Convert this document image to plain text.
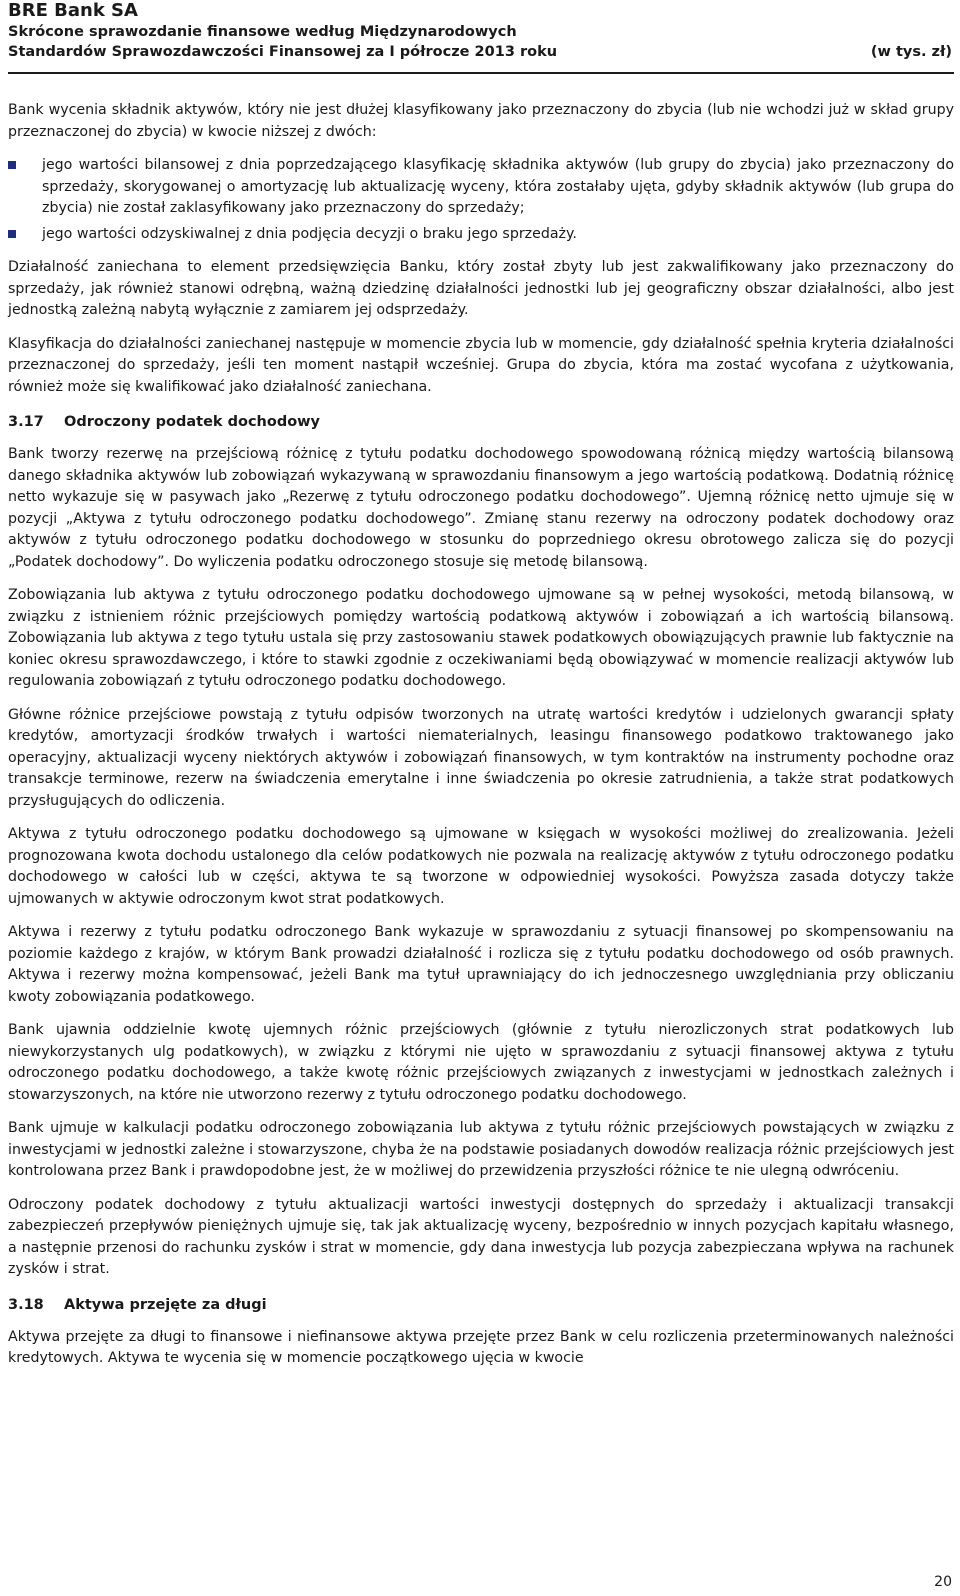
BRE Bank SA
Skrócone sprawozdanie finansowe według Międzynarodowych
Standardów Sprawozdawczości Finansowej za I półrocze 2013 roku	(w tys. zł)

Bank wycenia składnik aktywów, który nie jest dłużej klasyfikowany jako przeznaczony do zbycia (lub nie wchodzi już w skład grupy przeznaczonej do zbycia) w kwocie niższej z dwóch:

jego wartości bilansowej z dnia poprzedzającego klasyfikację składnika aktywów (lub grupy do zbycia) jako przeznaczony do sprzedaży, skorygowanej o amortyzację lub aktualizację wyceny, która zostałaby ujęta, gdyby składnik aktywów (lub grupa do zbycia) nie został zaklasyfikowany jako przeznaczony do sprzedaży;
jego wartości odzyskiwalnej z dnia podjęcia decyzji o braku jego sprzedaży.

Działalność zaniechana to element przedsięwzięcia Banku, który został zbyty lub jest zakwalifikowany jako przeznaczony do sprzedaży, jak również stanowi odrębną, ważną dziedzinę działalności jednostki lub jej geograficzny obszar działalności, albo jest jednostką zależną nabytą wyłącznie z zamiarem jej odsprzedaży.

Klasyfikacja do działalności zaniechanej następuje w momencie zbycia lub w momencie, gdy działalność spełnia kryteria działalności przeznaczonej do sprzedaży, jeśli ten moment nastąpił wcześniej. Grupa do zbycia, która ma zostać wycofana z użytkowania, również może się kwalifikować jako działalność zaniechana.

3.17 Odroczony podatek dochodowy

Bank tworzy rezerwę na przejściową różnicę z tytułu podatku dochodowego spowodowaną różnicą między wartością bilansową danego składnika aktywów lub zobowiązań wykazywaną w sprawozdaniu finansowym a jego wartością podatkową. Dodatnią różnicę netto wykazuje się w pasywach jako „Rezerwę z tytułu odroczonego podatku dochodowego”. Ujemną różnicę netto ujmuje się w pozycji „Aktywa z tytułu odroczonego podatku dochodowego”. Zmianę stanu rezerwy na odroczony podatek dochodowy oraz aktywów z tytułu odroczonego podatku dochodowego w stosunku do poprzedniego okresu obrotowego zalicza się do pozycji „Podatek dochodowy”. Do wyliczenia podatku odroczonego stosuje się metodę bilansową.

Zobowiązania lub aktywa z tytułu odroczonego podatku dochodowego ujmowane są w pełnej wysokości, metodą bilansową, w związku z istnieniem różnic przejściowych pomiędzy wartością podatkową aktywów i zobowiązań a ich wartością bilansową. Zobowiązania lub aktywa z tego tytułu ustala się przy zastosowaniu stawek podatkowych obowiązujących prawnie lub faktycznie na koniec okresu sprawozdawczego, i które to stawki zgodnie z oczekiwaniami będą obowiązywać w momencie realizacji aktywów lub regulowania zobowiązań z tytułu odroczonego podatku dochodowego.

Główne różnice przejściowe powstają z tytułu odpisów tworzonych na utratę wartości kredytów i udzielonych gwarancji spłaty kredytów, amortyzacji środków trwałych i wartości niematerialnych, leasingu finansowego podatkowo traktowanego jako operacyjny, aktualizacji wyceny niektórych aktywów i zobowiązań finansowych, w tym kontraktów na instrumenty pochodne oraz transakcje terminowe, rezerw na świadczenia emerytalne i inne świadczenia po okresie zatrudnienia, a także strat podatkowych przysługujących do odliczenia.

Aktywa z tytułu odroczonego podatku dochodowego są ujmowane w księgach w wysokości możliwej do zrealizowania. Jeżeli prognozowana kwota dochodu ustalonego dla celów podatkowych nie pozwala na realizację aktywów z tytułu odroczonego podatku dochodowego w całości lub w części, aktywa te są tworzone w odpowiedniej wysokości. Powyższa zasada dotyczy także ujmowanych w aktywie odroczonym kwot strat podatkowych.

Aktywa i rezerwy z tytułu podatku odroczonego Bank wykazuje w sprawozdaniu z sytuacji finansowej po skompensowaniu na poziomie każdego z krajów, w którym Bank prowadzi działalność i rozlicza się z tytułu podatku dochodowego od osób prawnych. Aktywa i rezerwy można kompensować, jeżeli Bank ma tytuł uprawniający do ich jednoczesnego uwzględniania przy obliczaniu kwoty zobowiązania podatkowego.

Bank ujawnia oddzielnie kwotę ujemnych różnic przejściowych (głównie z tytułu nierozliczonych strat podatkowych lub niewykorzystanych ulg podatkowych), w związku z którymi nie ujęto w sprawozdaniu z sytuacji finansowej aktywa z tytułu odroczonego podatku dochodowego, a także kwotę różnic przejściowych związanych z inwestycjami w jednostkach zależnych i stowarzyszonych, na które nie utworzono rezerwy z tytułu odroczonego podatku dochodowego.

Bank ujmuje w kalkulacji podatku odroczonego zobowiązania lub aktywa z tytułu różnic przejściowych powstających w związku z inwestycjami w jednostki zależne i stowarzyszone, chyba że na podstawie posiadanych dowodów realizacja różnic przejściowych jest kontrolowana przez Bank i prawdopodobne jest, że w możliwej do przewidzenia przyszłości różnice te nie ulegną odwróceniu.

Odroczony podatek dochodowy z tytułu aktualizacji wartości inwestycji dostępnych do sprzedaży i aktualizacji transakcji zabezpieczeń przepływów pieniężnych ujmuje się, tak jak aktualizację wyceny, bezpośrednio w innych pozycjach kapitału własnego, a następnie przenosi do rachunku zysków i strat w momencie, gdy dana inwestycja lub pozycja zabezpieczana wpływa na rachunek zysków i strat.

3.18 Aktywa przejęte za długi

Aktywa przejęte za długi to finansowe i niefinansowe aktywa przejęte przez Bank w celu rozliczenia przeterminowanych należności kredytowych. Aktywa te wycenia się w momencie początkowego ujęcia w kwocie

20
